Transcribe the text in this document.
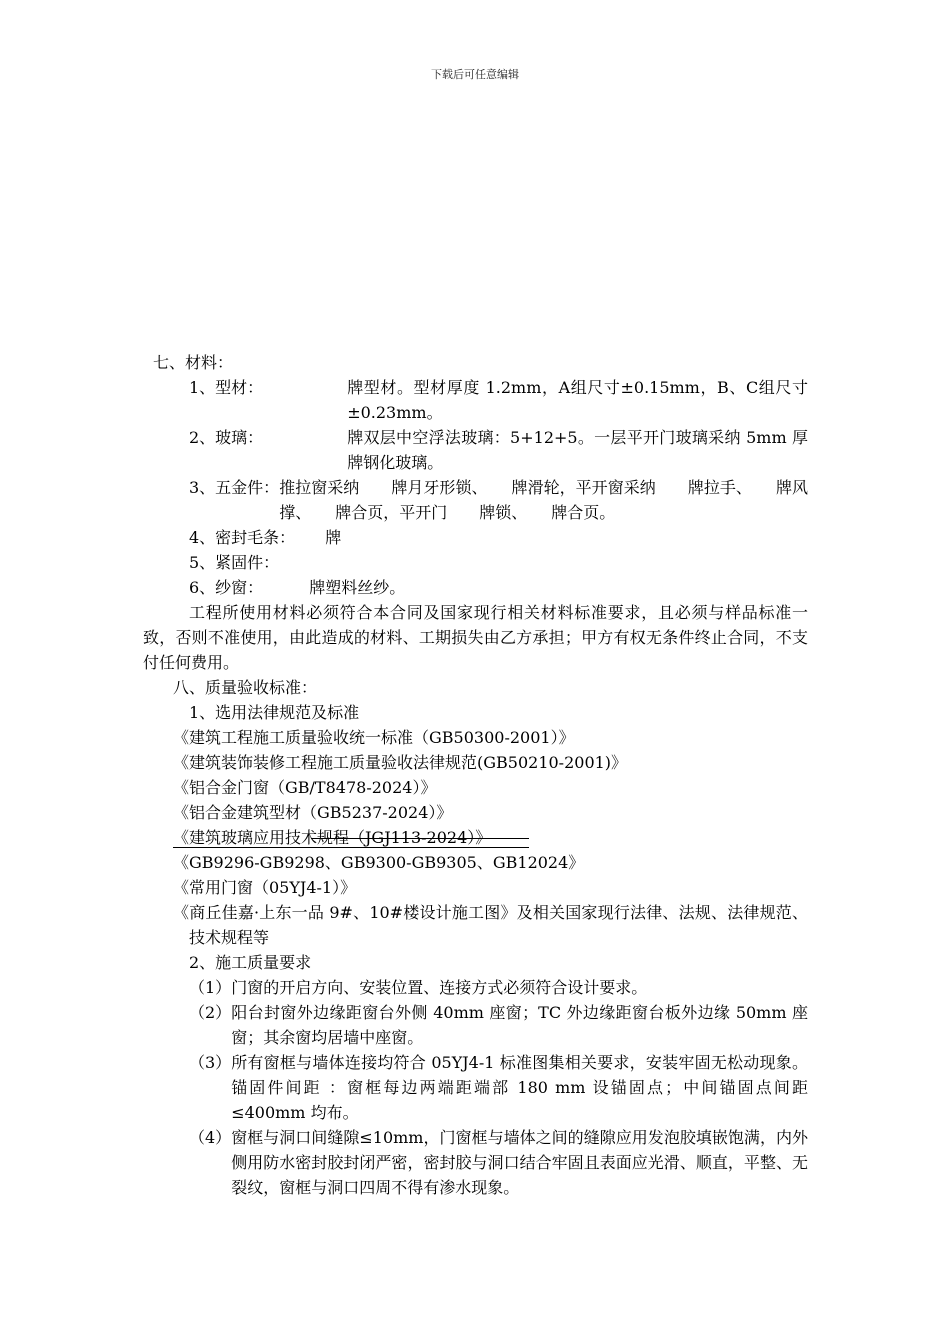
下载后可任意编辑
七、材料：
1、型材：	牌型材。型材厚度 1.2mm，A组尺寸±0.15mm，B、C组尺寸±0.23mm。
2、玻璃：	牌双层中空浮法玻璃：5+12+5。一层平开门玻璃采纳 5mm 厚　　牌钢化玻璃。
3、五金件： 推拉窗采纳　　牌月牙形锁、　　牌滑轮，平开窗采纳　　牌拉手、　　牌风撑、　　牌合页，平开门　　牌锁、　　牌合页。
4、密封毛条： 牌
5、紧固件：
6、纱窗：	牌塑料丝纱。
工程所使用材料必须符合本合同及国家现行相关材料标准要求，且必须与样品标准一致，否则不准使用，由此造成的材料、工期损失由乙方承担；甲方有权无条件终止合同，不支付任何费用。
八、质量验收标准：
1、选用法律规范及标准
《建筑工程施工质量验收统一标准（GB50300-2001）》
《建筑装饰装修工程施工质量验收法律规范(GB50210-2001)》
《铝合金门窗（GB/T8478-2024）》
《铝合金建筑型材（GB5237-2024）》
《建筑玻璃应用技术规程（JGJ113-2024）》
《GB9296-GB9298、GB9300-GB9305、GB12024》
《常用门窗（05YJ4-1）》
《商丘佳嘉·上东一品 9#、10#楼设计施工图》及相关国家现行法律、法规、法律规范、技术规程等
2、施工质量要求
（1） 门窗的开启方向、安装位置、连接方式必须符合设计要求。
（2） 阳台封窗外边缘距窗台外侧 40mm 座窗；TC 外边缘距窗台板外边缘 50mm 座窗；其余窗均居墙中座窗。
（3） 所有窗框与墙体连接均符合 05YJ4-1 标准图集相关要求，安装牢固无松动现象。锚固件间距 ：窗框每边两端距端部 180 mm 设锚固点；中间锚固点间距≤400mm 均布。
（4） 窗框与洞口间缝隙≤10mm，门窗框与墙体之间的缝隙应用发泡胶填嵌饱满，内外侧用防水密封胶封闭严密，密封胶与洞口结合牢固且表面应光滑、顺直，平整、无裂纹，窗框与洞口四周不得有渗水现象。
